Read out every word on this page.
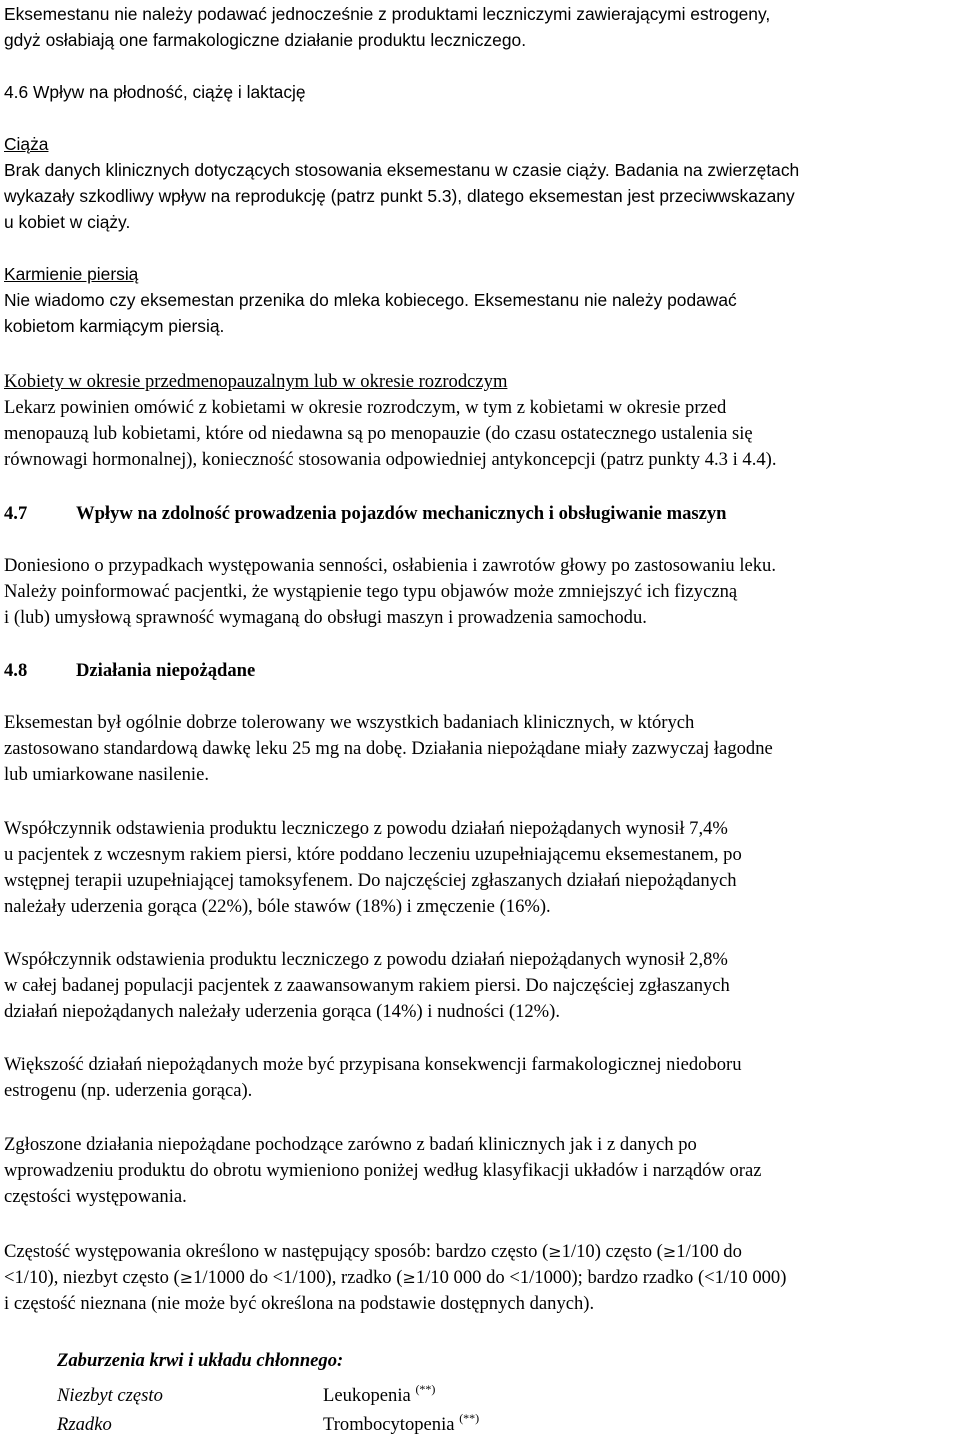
Eksemestanu nie należy podawać jednocześnie z produktami leczniczymi zawierającymi estrogeny,
gdyż osłabiają one farmakologiczne działanie produktu leczniczego.
4.6 Wpływ na płodność, ciążę i laktację
Ciąża
Brak danych klinicznych dotyczących stosowania eksemestanu w czasie ciąży. Badania na zwierzętach
wykazały szkodliwy wpływ na reprodukcję (patrz punkt 5.3), dlatego eksemestan jest przeciwwskazany
u kobiet w ciąży.
Karmienie piersią
Nie wiadomo czy eksemestan przenika do mleka kobiecego. Eksemestanu nie należy podawać
kobietom karmiącym piersią.
Kobiety w okresie przedmenopauzalnym lub w okresie rozrodczym
Lekarz powinien omówić z kobietami w okresie rozrodczym, w tym z kobietami w okresie przed
menopauzą lub kobietami, które od niedawna są po menopauzie (do czasu ostatecznego ustalenia się
równowagi hormonalnej), konieczność stosowania odpowiedniej antykoncepcji (patrz punkty 4.3 i 4.4).
4.7	Wpływ na zdolność prowadzenia pojazdów mechanicznych i obsługiwanie maszyn
Doniesiono o przypadkach występowania senności, osłabienia i zawrotów głowy po zastosowaniu leku.
Należy poinformować pacjentki, że wystąpienie tego typu objawów może zmniejszyć ich fizyczną
i (lub) umysłową sprawność wymaganą do obsługi maszyn i prowadzenia samochodu.
4.8	Działania niepożądane
Eksemestan był ogólnie dobrze tolerowany we wszystkich badaniach klinicznych, w których
zastosowano standardową dawkę leku 25 mg na dobę. Działania niepożądane miały zazwyczaj łagodne
lub umiarkowane nasilenie.
Współczynnik odstawienia produktu leczniczego z powodu działań niepożądanych wynosił 7,4%
u pacjentek z wczesnym rakiem piersi, które poddano leczeniu uzupełniającemu eksemestanem, po
wstępnej terapii uzupełniającej tamoksyfenem. Do najczęściej zgłaszanych działań niepożądanych
należały uderzenia gorąca (22%), bóle stawów (18%) i zmęczenie (16%).
Współczynnik odstawienia produktu leczniczego z powodu działań niepożądanych wynosił 2,8%
w całej badanej populacji pacjentek z zaawansowanym rakiem piersi. Do najczęściej zgłaszanych
działań niepożądanych należały uderzenia gorąca (14%) i nudności (12%).
Większość działań niepożądanych może być przypisana konsekwencji farmakologicznej niedoboru
estrogenu (np. uderzenia gorąca).
Zgłoszone działania niepożądane pochodzące zarówno z badań klinicznych jak i z danych po
wprowadzeniu produktu do obrotu wymieniono poniżej według klasyfikacji układów i narządów oraz
częstości występowania.
Częstość występowania określono w następujący sposób: bardzo często (≥1/10) często (≥1/100 do
<1/10), niezbyt często (≥1/1000 do <1/100), rzadko (≥1/10 000 do <1/1000); bardzo rzadko (<1/10 000)
i częstość nieznana (nie może być określona na podstawie dostępnych danych).
Zaburzenia krwi i układu chłonnego:
Niezbyt często	Leukopenia (**)
Rzadko	Trombocytopenia (**)
